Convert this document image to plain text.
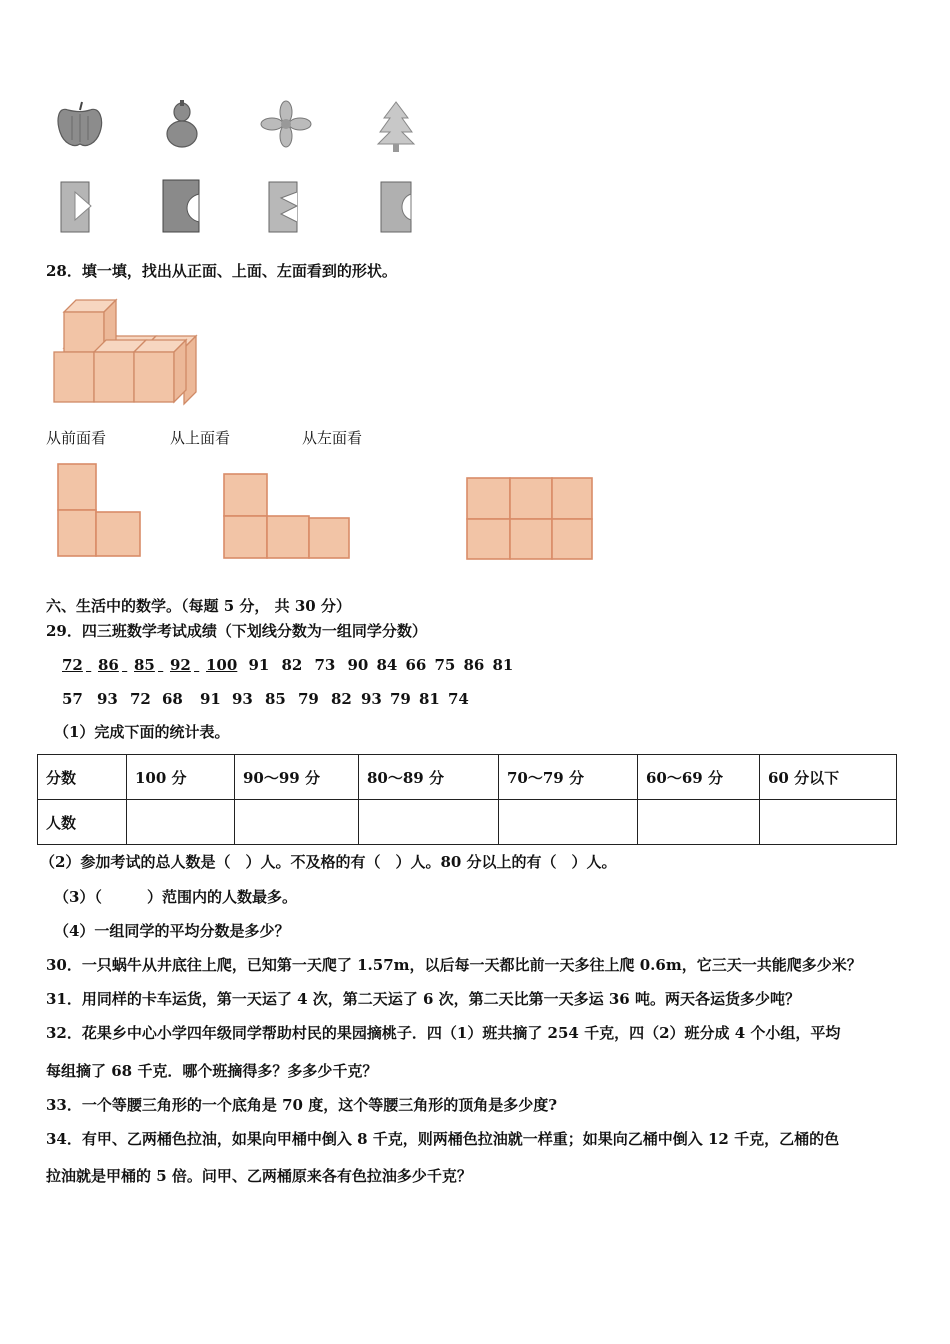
28．填一填，找出从正面、上面、左面看到的形状。
从前面看	从上面看	从左面看
六、生活中的数学。（每题 5 分， 共 30 分）
29．四三班数学考试成绩（下划线分数为一组同学分数）
72 86 85 92 100 91 82 73 90 84 66 75 86 81
57 93 72 68 91 93 85 79 82 93 79 81 74
（1）完成下面的统计表。
分数	100 分	90～99 分	80～89 分	70～79 分	60～69 分	60 分以下
人数						
（2）参加考试的总人数是（　）人。不及格的有（　）人。80 分以上的有（　）人。
（3）（　　　）范围内的人数最多。
（4）一组同学的平均分数是多少？
30．一只蜗牛从井底往上爬，已知第一天爬了 1.57m，以后每一天都比前一天多往上爬 0.6m，它三天一共能爬多少米？
31．用同样的卡车运货，第一天运了 4 次，第二天运了 6 次，第二天比第一天多运 36 吨。两天各运货多少吨？
32．花果乡中心小学四年级同学帮助村民的果园摘桃子．四（1）班共摘了 254 千克，四（2）班分成 4 个小组，平均
每组摘了 68 千克．哪个班摘得多？多多少千克？
33．一个等腰三角形的一个底角是 70 度，这个等腰三角形的顶角是多少度?
34．有甲、乙两桶色拉油，如果向甲桶中倒入 8 千克，则两桶色拉油就一样重；如果向乙桶中倒入 12 千克，乙桶的色
拉油就是甲桶的 5 倍。问甲、乙两桶原来各有色拉油多少千克？
